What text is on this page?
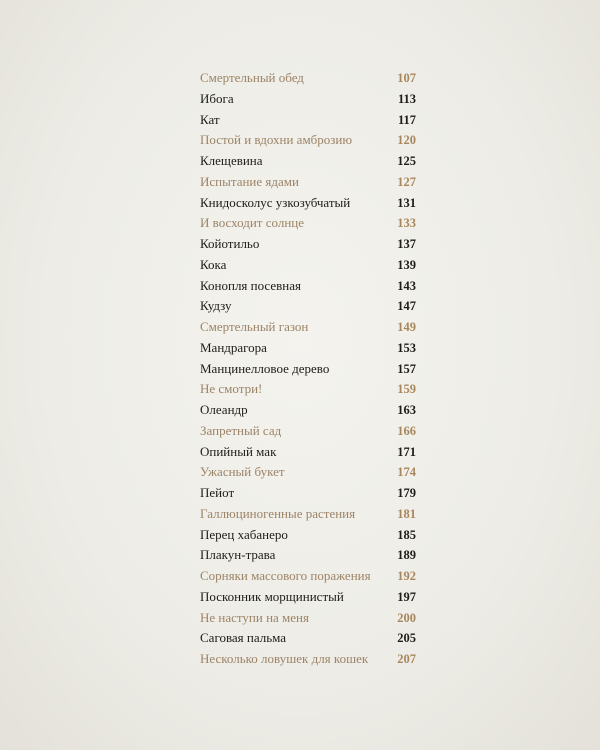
Смертельный обед	107
Ибога	113
Кат	117
Постой и вдохни амброзию	120
Клещевина	125
Испытание ядами	127
Книдосколус узкозубчатый	131
И восходит солнце	133
Койотильо	137
Кока	139
Конопля посевная	143
Кудзу	147
Смертельный газон	149
Мандрагора	153
Манцинелловое дерево	157
Не смотри!	159
Олеандр	163
Запретный сад	166
Опийный мак	171
Ужасный букет	174
Пейот	179
Галлюциногенные растения	181
Перец хабанеро	185
Плакун-трава	189
Сорняки массового поражения 192
Посконник морщинистый	197
Не наступи на меня	200
Саговая пальма	205
Несколько ловушек для кошек 207
